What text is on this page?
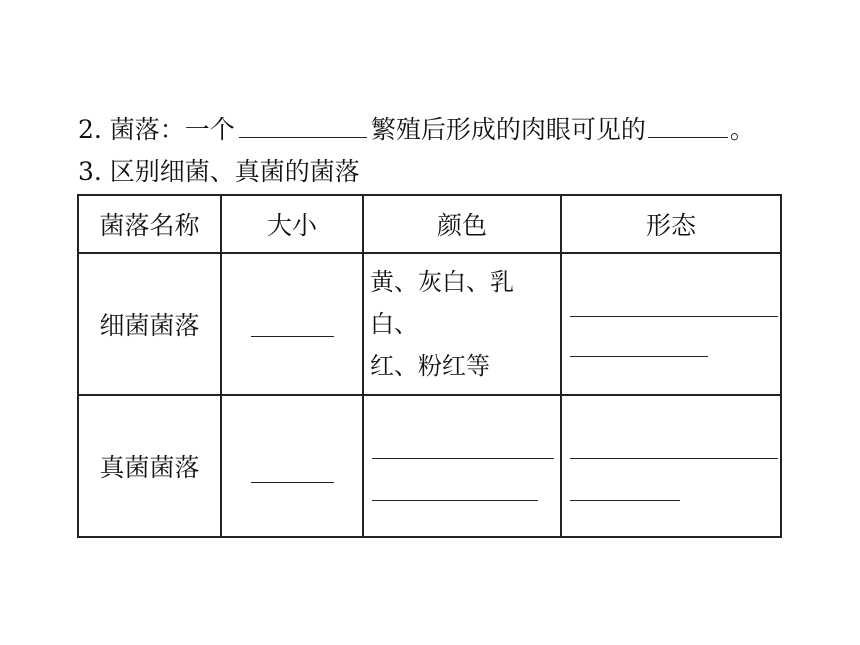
2. 菌落：一个	繁殖后形成的肉眼可见的	。
3. 区别细菌、真菌的菌落
菌落名称	大小	颜色	形态
细菌菌落		黄、灰白、乳白、
红、粉红等	

真菌菌落	
